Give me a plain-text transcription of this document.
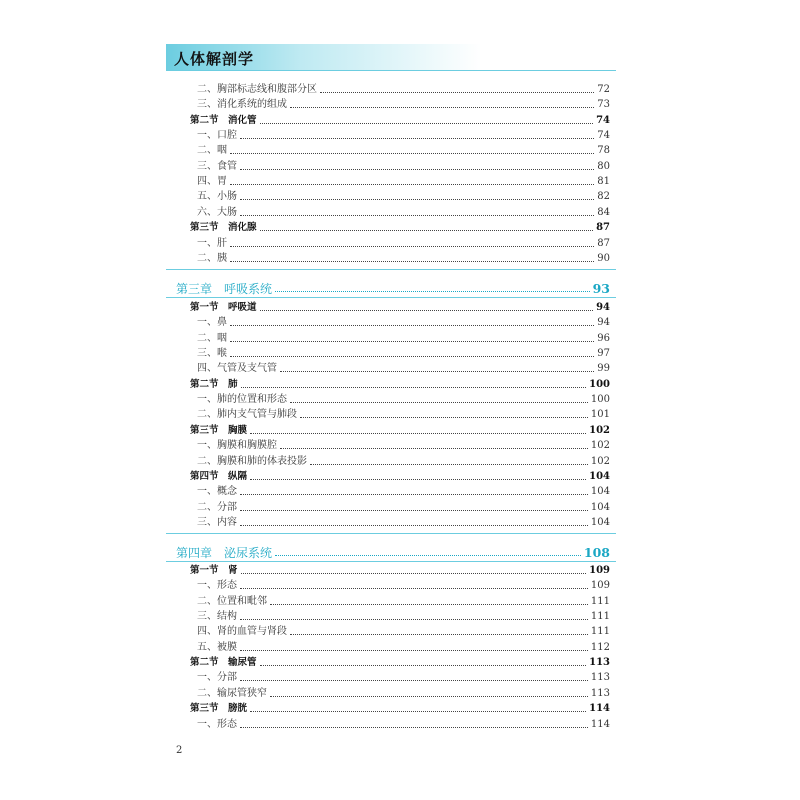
人体解剖学
二、胸部标志线和腹部分区	72
三、消化系统的组成	73
第二节　消化管	74
一、口腔	74
二、咽	78
三、食管	80
四、胃	81
五、小肠	82
六、大肠	84
第三节　消化腺	87
一、肝	87
二、胰	90
第三章　呼吸系统	93
第一节　呼吸道	94
一、鼻	94
二、咽	96
三、喉	97
四、气管及支气管	99
第二节　肺	100
一、肺的位置和形态	100
二、肺内支气管与肺段	101
第三节　胸膜	102
一、胸膜和胸膜腔	102
二、胸膜和肺的体表投影	102
第四节　纵隔	104
一、概念	104
二、分部	104
三、内容	104
第四章　泌尿系统	108
第一节　肾	109
一、形态	109
二、位置和毗邻	111
三、结构	111
四、肾的血管与肾段	111
五、被膜	112
第二节　输尿管	113
一、分部	113
二、输尿管狭窄	113
第三节　膀胱	114
一、形态	114
2
